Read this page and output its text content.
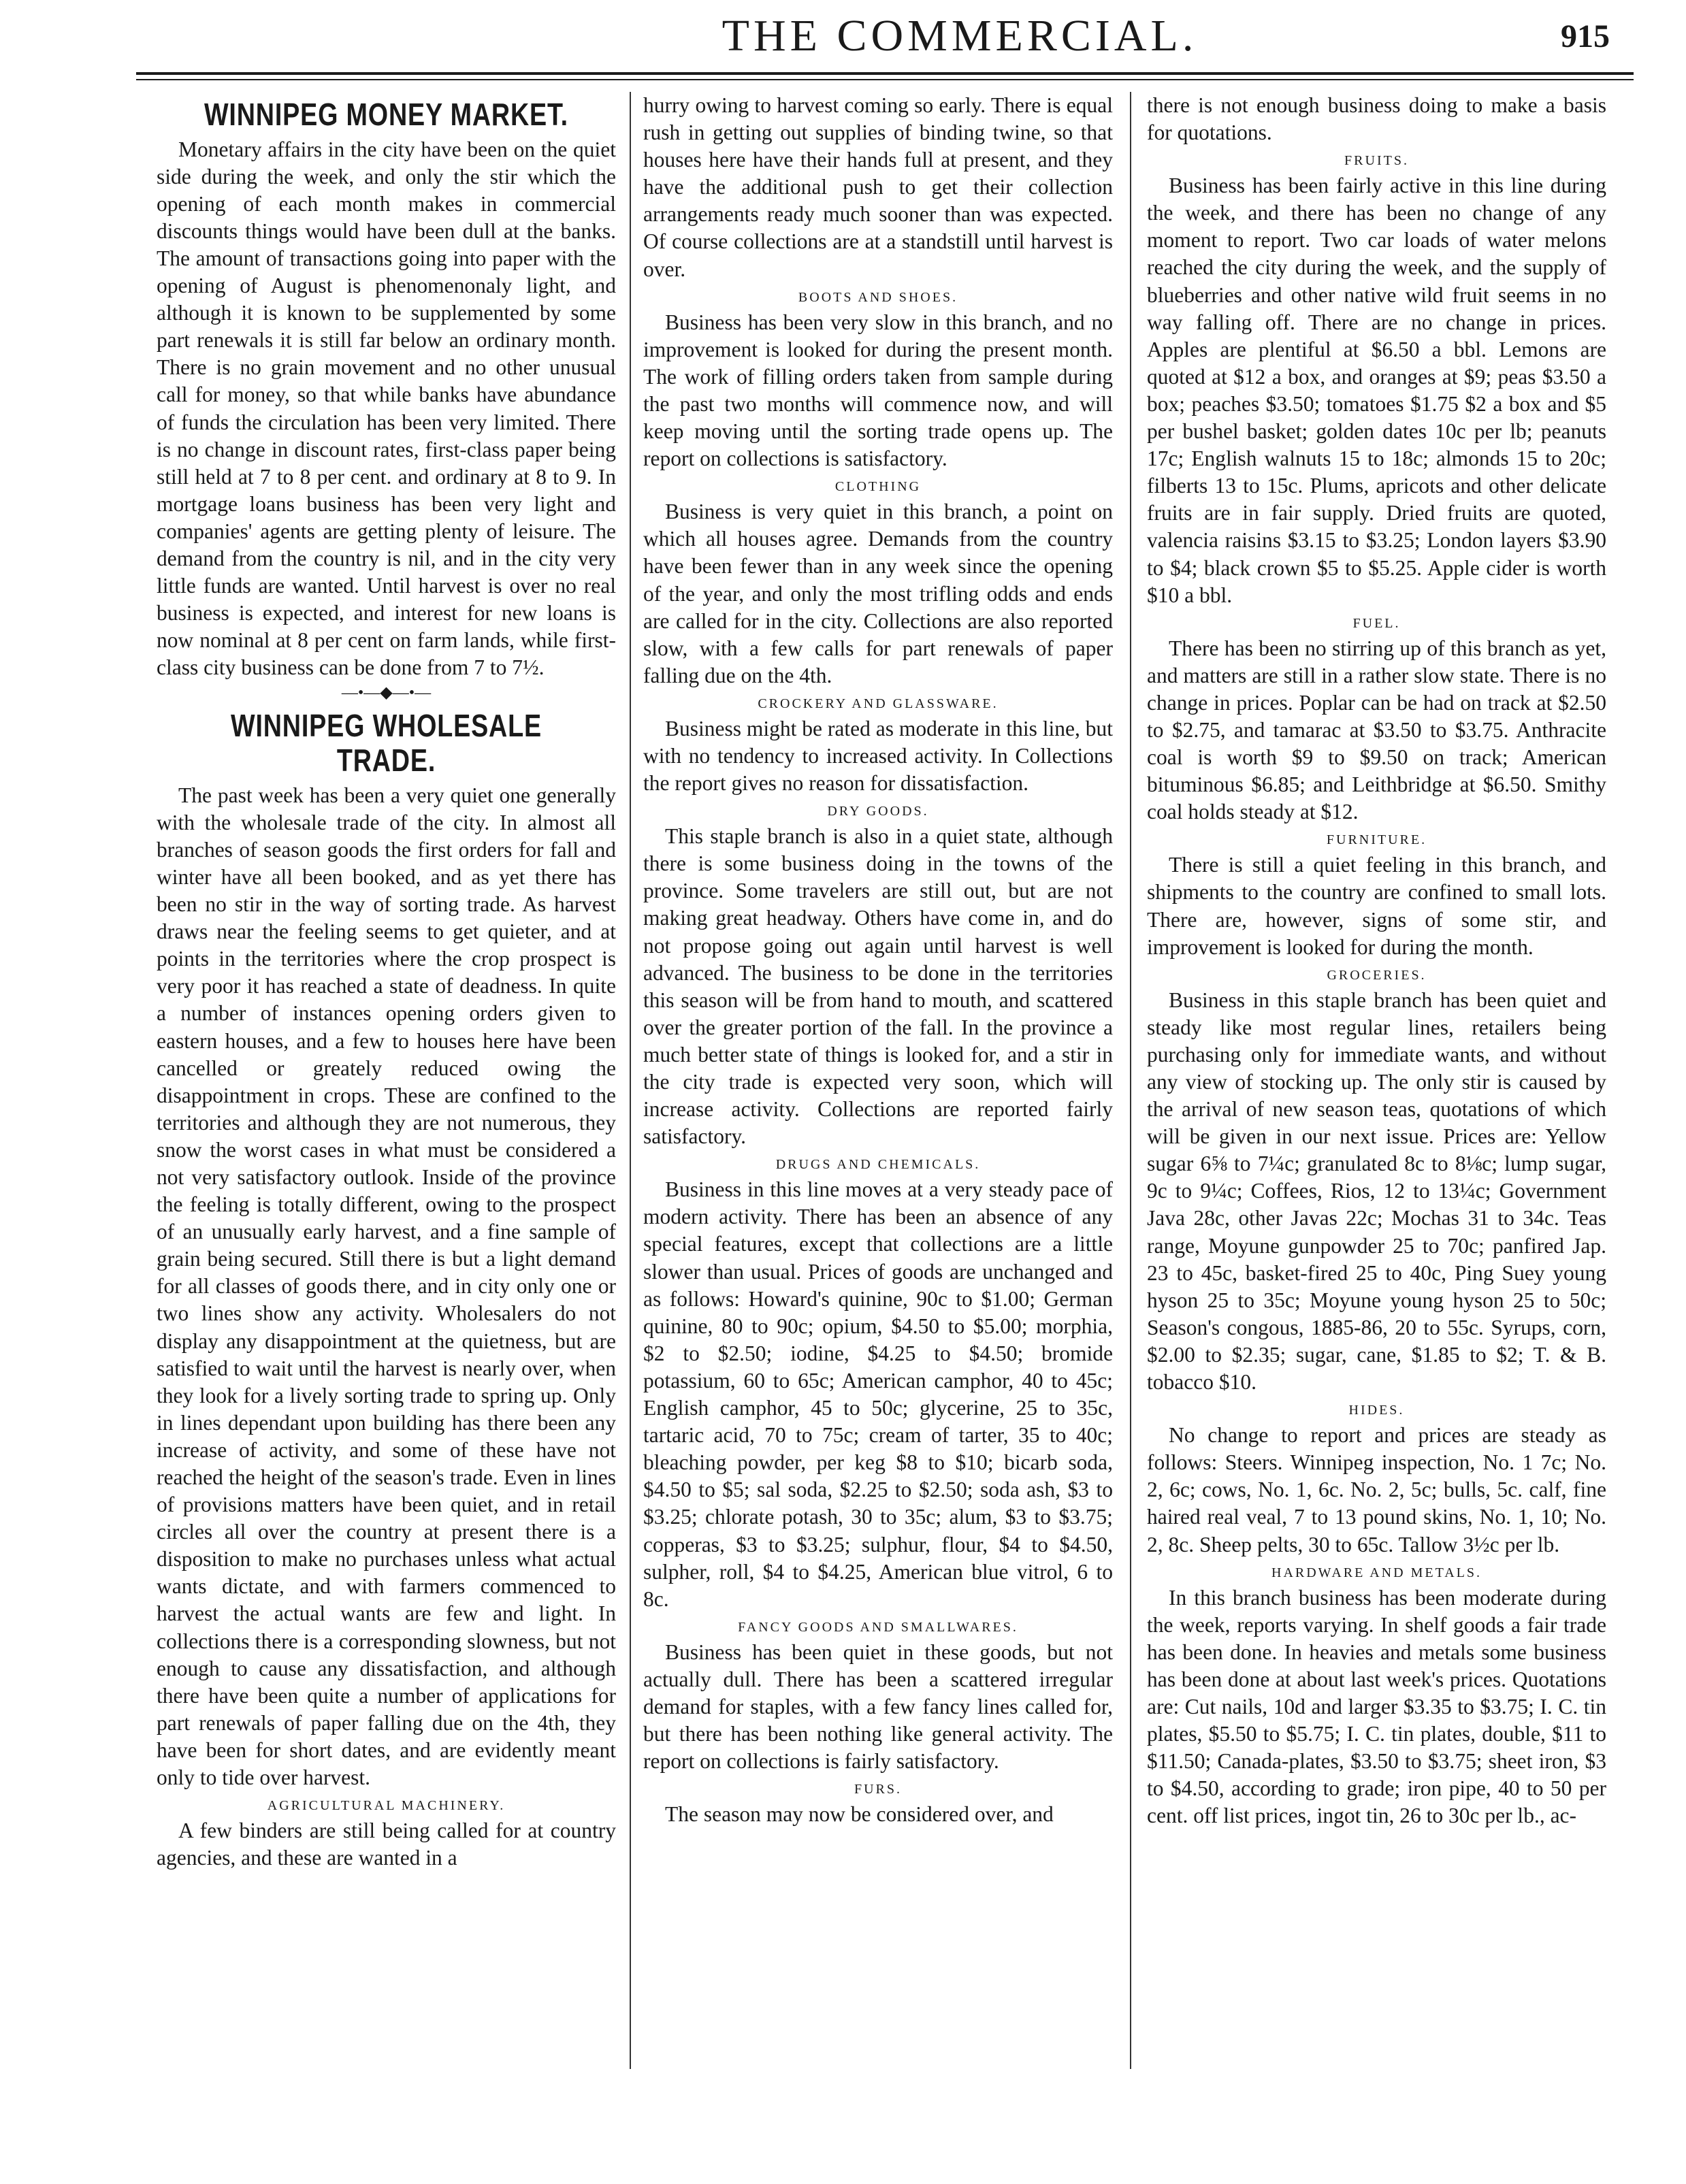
THE COMMERCIAL.	915
WINNIPEG MONEY MARKET.

Monetary affairs in the city have been on the quiet side during the week, and only the stir which the opening of each month makes in commercial discounts things would have been dull at the banks. The amount of transactions going into paper with the opening of August is phenomenonaly light, and although it is known to be supplemented by some part renewals it is still far below an ordinary month. There is no grain movement and no other unusual call for money, so that while banks have abundance of funds the circulation has been very limited. There is no change in discount rates, first-class paper being still held at 7 to 8 per cent. and ordinary at 8 to 9. In mortgage loans business has been very light and companies' agents are getting plenty of leisure. The demand from the country is nil, and in the city very little funds are wanted. Until harvest is over no real business is expected, and interest for new loans is now nominal at 8 per cent on farm lands, while first-class city business can be done from 7 to 7½.

—•—◆—•—
WINNIPEG WHOLESALE TRADE.

The past week has been a very quiet one generally with the wholesale trade of the city. In almost all branches of season goods the first orders for fall and winter have all been booked, and as yet there has been no stir in the way of sorting trade. As harvest draws near the feeling seems to get quieter, and at points in the territories where the crop prospect is very poor it has reached a state of deadness. In quite a number of instances opening orders given to eastern houses, and a few to houses here have been cancelled or greately reduced owing the disappointment in crops. These are confined to the territories and although they are not numerous, they snow the worst cases in what must be considered a not very satisfactory outlook. Inside of the province the feeling is totally different, owing to the prospect of an unusually early harvest, and a fine sample of grain being secured. Still there is but a light demand for all classes of goods there, and in city only one or two lines show any activity. Wholesalers do not display any disappointment at the quietness, but are satisfied to wait until the harvest is nearly over, when they look for a lively sorting trade to spring up. Only in lines dependant upon building has there been any increase of activity, and some of these have not reached the height of the season's trade. Even in lines of provisions matters have been quiet, and in retail circles all over the country at present there is a disposition to make no purchases unless what actual wants dictate, and with farmers commenced to harvest the actual wants are few and light. In collections there is a corresponding slowness, but not enough to cause any dissatisfaction, and although there have been quite a number of applications for part renewals of paper falling due on the 4th, they have been for short dates, and are evidently meant only to tide over harvest.

AGRICULTURAL MACHINERY.

A few binders are still being called for at country agencies, and these are wanted in a

hurry owing to harvest coming so early. There is equal rush in getting out supplies of binding twine, so that houses here have their hands full at present, and they have the additional push to get their collection arrangements ready much sooner than was expected. Of course collections are at a standstill until harvest is over.

BOOTS AND SHOES.

Business has been very slow in this branch, and no improvement is looked for during the present month. The work of filling orders taken from sample during the past two months will commence now, and will keep moving until the sorting trade opens up. The report on collections is satisfactory.

CLOTHING

Business is very quiet in this branch, a point on which all houses agree. Demands from the country have been fewer than in any week since the opening of the year, and only the most trifling odds and ends are called for in the city. Collections are also reported slow, with a few calls for part renewals of paper falling due on the 4th.

CROCKERY AND GLASSWARE.

Business might be rated as moderate in this line, but with no tendency to increased activity. In Collections the report gives no reason for dissatisfaction.

DRY GOODS.

This staple branch is also in a quiet state, although there is some business doing in the towns of the province. Some travelers are still out, but are not making great headway. Others have come in, and do not propose going out again until harvest is well advanced. The business to be done in the territories this season will be from hand to mouth, and scattered over the greater portion of the fall. In the province a much better state of things is looked for, and a stir in the city trade is expected very soon, which will increase activity. Collections are reported fairly satisfactory.

DRUGS AND CHEMICALS.

Business in this line moves at a very steady pace of modern activity. There has been an absence of any special features, except that collections are a little slower than usual. Prices of goods are unchanged and as follows: Howard's quinine, 90c to $1.00; German quinine, 80 to 90c; opium, $4.50 to $5.00; morphia, $2 to $2.50; iodine, $4.25 to $4.50; bromide potassium, 60 to 65c; American camphor, 40 to 45c; English camphor, 45 to 50c; glycerine, 25 to 35c, tartaric acid, 70 to 75c; cream of tarter, 35 to 40c; bleaching powder, per keg $8 to $10; bicarb soda, $4.50 to $5; sal soda, $2.25 to $2.50; soda ash, $3 to $3.25; chlorate potash, 30 to 35c; alum, $3 to $3.75; copperas, $3 to $3.25; sulphur, flour, $4 to $4.50, sulpher, roll, $4 to $4.25, American blue vitrol, 6 to 8c.

FANCY GOODS AND SMALLWARES.

Business has been quiet in these goods, but not actually dull. There has been a scattered irregular demand for staples, with a few fancy lines called for, but there has been nothing like general activity. The report on collections is fairly satisfactory.

FURS.

The season may now be considered over, and

there is not enough business doing to make a basis for quotations.

FRUITS.

Business has been fairly active in this line during the week, and there has been no change of any moment to report. Two car loads of water melons reached the city during the week, and the supply of blueberries and other native wild fruit seems in no way falling off. There are no change in prices. Apples are plentiful at $6.50 a bbl. Lemons are quoted at $12 a box, and oranges at $9; peas $3.50 a box; peaches $3.50; tomatoes $1.75 $2 a box and $5 per bushel basket; golden dates 10c per lb; peanuts 17c; English walnuts 15 to 18c; almonds 15 to 20c; filberts 13 to 15c. Plums, apricots and other delicate fruits are in fair supply. Dried fruits are quoted, valencia raisins $3.15 to $3.25; London layers $3.90 to $4; black crown $5 to $5.25. Apple cider is worth $10 a bbl.

FUEL.

There has been no stirring up of this branch as yet, and matters are still in a rather slow state. There is no change in prices. Poplar can be had on track at $2.50 to $2.75, and tamarac at $3.50 to $3.75. Anthracite coal is worth $9 to $9.50 on track; American bituminous $6.85; and Leithbridge at $6.50. Smithy coal holds steady at $12.

FURNITURE.

There is still a quiet feeling in this branch, and shipments to the country are confined to small lots. There are, however, signs of some stir, and improvement is looked for during the month.

GROCERIES.

Business in this staple branch has been quiet and steady like most regular lines, retailers being purchasing only for immediate wants, and without any view of stocking up. The only stir is caused by the arrival of new season teas, quotations of which will be given in our next issue. Prices are: Yellow sugar 6⅝ to 7¼c; granulated 8c to 8⅛c; lump sugar, 9c to 9¼c; Coffees, Rios, 12 to 13¼c; Government Java 28c, other Javas 22c; Mochas 31 to 34c. Teas range, Moyune gunpowder 25 to 70c; panfired Jap. 23 to 45c, basket-fired 25 to 40c, Ping Suey young hyson 25 to 35c; Moyune young hyson 25 to 50c; Season's congous, 1885-86, 20 to 55c. Syrups, corn, $2.00 to $2.35; sugar, cane, $1.85 to $2; T. & B. tobacco $10.

HIDES.

No change to report and prices are steady as follows: Steers. Winnipeg inspection, No. 1 7c; No. 2, 6c; cows, No. 1, 6c. No. 2, 5c; bulls, 5c. calf, fine haired real veal, 7 to 13 pound skins, No. 1, 10; No. 2, 8c. Sheep pelts, 30 to 65c. Tallow 3½c per lb.

HARDWARE AND METALS.

In this branch business has been moderate during the week, reports varying. In shelf goods a fair trade has been done. In heavies and metals some business has been done at about last week's prices. Quotations are: Cut nails, 10d and larger $3.35 to $3.75; I. C. tin plates, $5.50 to $5.75; I. C. tin plates, double, $11 to $11.50; Canada-plates, $3.50 to $3.75; sheet iron, $3 to $4.50, according to grade; iron pipe, 40 to 50 per cent. off list prices, ingot tin, 26 to 30c per lb., ac-
